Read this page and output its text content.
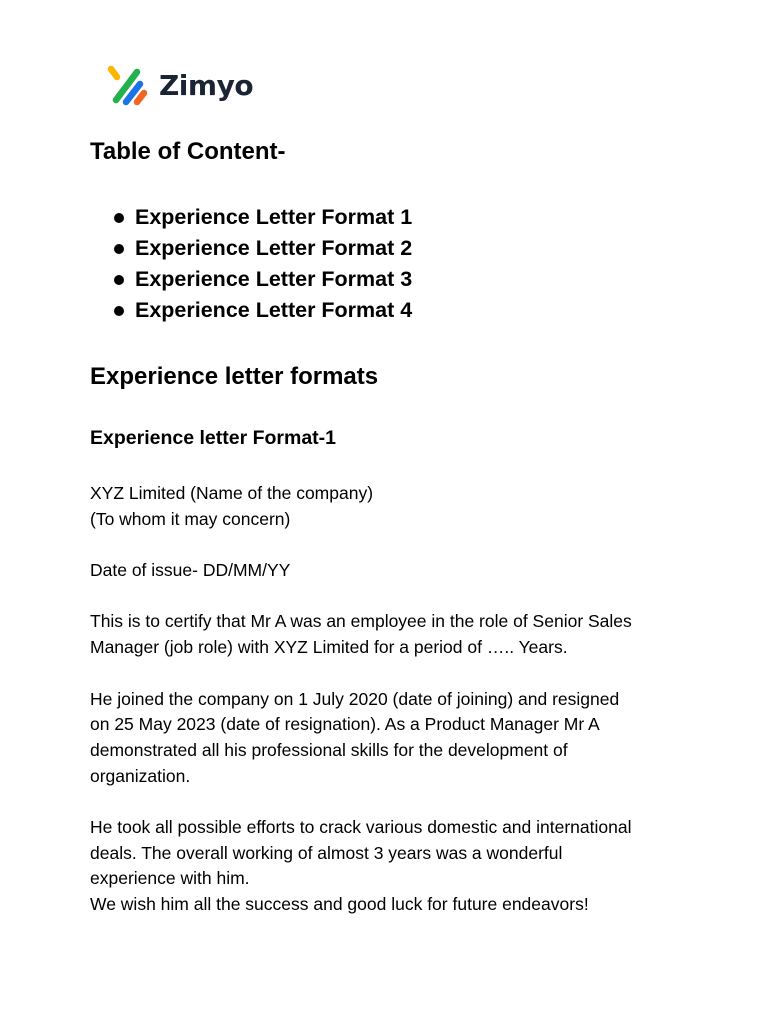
Zimyo
Table of Content-
Experience Letter Format 1
Experience Letter Format 2
Experience Letter Format 3
Experience Letter Format 4
Experience letter formats
Experience letter Format-1

XYZ Limited (Name of the company)
(To whom it may concern)

Date of issue- DD/MM/YY

This is to certify that Mr A was an employee in the role of Senior Sales
Manager (job role) with XYZ Limited for a period of ….. Years.

He joined the company on 1 July 2020 (date of joining) and resigned
on 25 May 2023 (date of resignation). As a Product Manager Mr A
demonstrated all his professional skills for the development of
organization.

He took all possible efforts to crack various domestic and international
deals. The overall working of almost 3 years was a wonderful
experience with him.
We wish him all the success and good luck for future endeavors!
